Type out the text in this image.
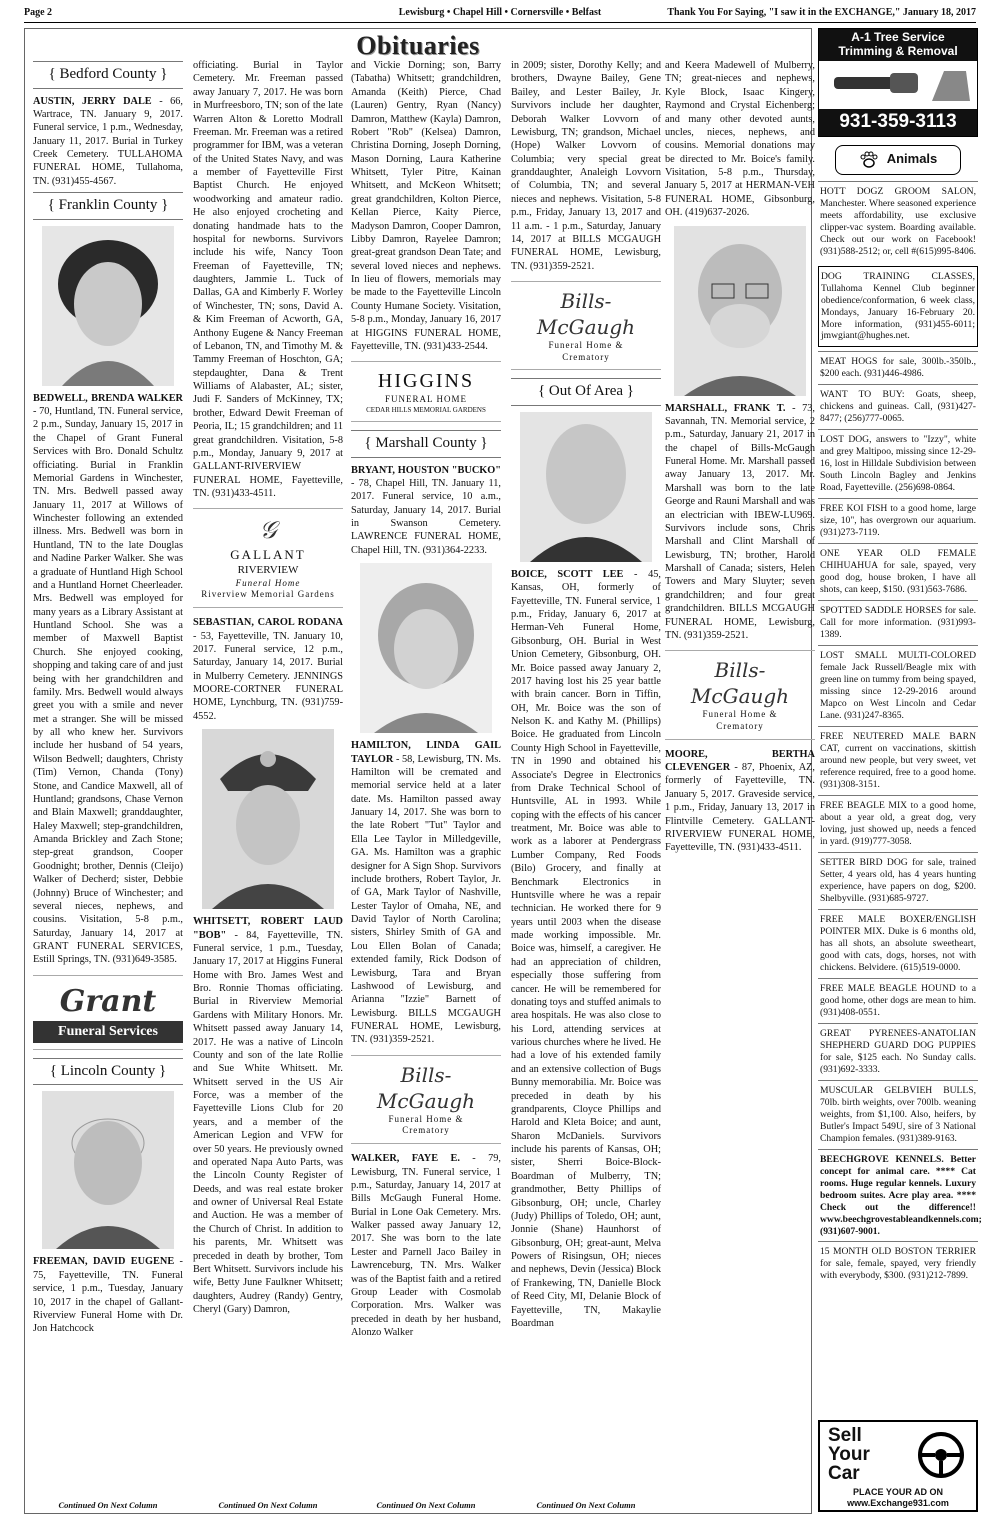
Page 2	Lewisburg • Chapel Hill • Cornersville • Belfast	Thank You For Saying, "I saw it in the EXCHANGE," January 18, 2017
Obituaries
{ Bedford County }

AUSTIN, JERRY DALE - 66, Wartrace, TN. January 9, 2017. Funeral service, 1 p.m., Wednesday, January 11, 2017. Burial in Turkey Creek Cemetery. TULLAHOMA FUNERAL HOME, Tullahoma, TN. (931)455-4567.

{ Franklin County }

BEDWELL, BRENDA WALKER - 70, Huntland, TN. Funeral service, 2 p.m., Sunday, January 15, 2017 in the Chapel of Grant Funeral Services with Bro. Donald Schultz officiating. Burial in Franklin Memorial Gardens in Winchester, TN. Mrs. Bedwell passed away January 11, 2017 at Willows of Winchester following an extended illness. Mrs. Bedwell was born in Huntland, TN to the late Douglas and Nadine Parker Walker. She was a graduate of Huntland High School and a Huntland Hornet Cheerleader. Mrs. Bedwell was employed for many years as a Library Assistant at Huntland School. She was a member of Maxwell Baptist Church. She enjoyed cooking, shopping and taking care of and just being with her grandchildren and family. Mrs. Bedwell would always greet you with a smile and never met a stranger. She will be missed by all who knew her. Survivors include her husband of 54 years, Wilson Bedwell; daughters, Christy (Tim) Vernon, Chanda (Tony) Stone, and Candice Maxwell, all of Huntland; grandsons, Chase Vernon and Blain Maxwell; granddaughter, Haley Maxwell; step-grandchildren, Amanda Brickley and Zach Stone; step-great grandson, Cooper Goodnight; brother, Dennis (Cleijo) Walker of Decherd; sister, Debbie (Johnny) Bruce of Winchester; and several nieces, nephews, and cousins. Visitation, 5-8 p.m., Saturday, January 14, 2017 at GRANT FUNERAL SERVICES, Estill Springs, TN. (931)649-3585.

Grant
Funeral Services
{ Lincoln County }

FREEMAN, DAVID EUGENE - 75, Fayetteville, TN. Funeral service, 1 p.m., Tuesday, January 10, 2017 in the chapel of Gallant-Riverview Funeral Home with Dr. Jon Hatchcock

Continued On Next Column

officiating. Burial in Taylor Cemetery. Mr. Freeman passed away January 7, 2017. He was born in Murfreesboro, TN; son of the late Warren Alton & Loretto Modrall Freeman. Mr. Freeman was a retired programmer for IBM, was a veteran of the United States Navy, and was a member of Fayetteville First Baptist Church. He enjoyed woodworking and amateur radio. He also enjoyed crocheting and donating handmade hats to the hospital for newborns. Survivors include his wife, Nancy Toon Freeman of Fayetteville, TN; daughters, Jammie L. Tuck of Dallas, GA and Kimberly F. Worley of Winchester, TN; sons, David A. & Kim Freeman of Acworth, GA, Anthony Eugene & Nancy Freeman of Lebanon, TN, and Timothy M. & Tammy Freeman of Hoschton, GA; stepdaughter, Dana & Trent Williams of Alabaster, AL; sister, Judi F. Sanders of McKinney, TX; brother, Edward Dewit Freeman of Peoria, IL; 15 grandchildren; and 11 great grandchildren. Visitation, 5-8 p.m., Monday, January 9, 2017 at GALLANT-RIVERVIEW FUNERAL HOME, Fayetteville, TN. (931)433-4511.

𝒢
GALLANT
RIVERVIEW
Funeral Home
Riverview Memorial Gardens

SEBASTIAN, CAROL RODANA - 53, Fayetteville, TN. January 10, 2017. Funeral service, 12 p.m., Saturday, January 14, 2017. Burial in Mulberry Cemetery. JENNINGS MOORE-CORTNER FUNERAL HOME, Lynchburg, TN. (931)759-4552.

WHITSETT, ROBERT LAUD "BOB" - 84, Fayetteville, TN. Funeral service, 1 p.m., Tuesday, January 17, 2017 at Higgins Funeral Home with Bro. James West and Bro. Ronnie Thomas officiating. Burial in Riverview Memorial Gardens with Military Honors. Mr. Whitsett passed away January 14, 2017. He was a native of Lincoln County and son of the late Rollie and Sue White Whitsett. Mr. Whitsett served in the US Air Force, was a member of the Fayetteville Lions Club for 20 years, and a member of the American Legion and VFW for over 50 years. He previously owned and operated Napa Auto Parts, was the Lincoln County Register of Deeds, and was real estate broker and owner of Universal Real Estate and Auction. He was a member of the Church of Christ. In addition to his parents, Mr. Whitsett was preceded in death by brother, Tom Bert Whitsett. Survivors include his wife, Betty June Faulkner Whitsett; daughters, Audrey (Randy) Gentry, Cheryl (Gary) Damron,

Continued On Next Column

and Vickie Dorning; son, Barry (Tabatha) Whitsett; grandchildren, Amanda (Keith) Pierce, Chad (Lauren) Gentry, Ryan (Nancy) Damron, Matthew (Kayla) Damron, Robert "Rob" (Kelsea) Damron, Christina Dorning, Joseph Dorning, Mason Dorning, Laura Katherine Whitsett, Tyler Pitre, Kainan Whitsett, and McKeon Whitsett; great grandchildren, Kolton Pierce, Kellan Pierce, Kaity Pierce, Madyson Damron, Cooper Damron, Libby Damron, Rayelee Damron; great-great grandson Dean Tate; and several loved nieces and nephews. In lieu of flowers, memorials may be made to the Fayetteville Lincoln County Humane Society. Visitation, 5-8 p.m., Monday, January 16, 2017 at HIGGINS FUNERAL HOME, Fayetteville, TN. (931)433-2544.

HIGGINS
FUNERAL HOME
CEDAR HILLS MEMORIAL GARDENS
{ Marshall County }

BRYANT, HOUSTON "BUCKO" - 78, Chapel Hill, TN. January 11, 2017. Funeral service, 10 a.m., Saturday, January 14, 2017. Burial in Swanson Cemetery. LAWRENCE FUNERAL HOME, Chapel Hill, TN. (931)364-2233.

HAMILTON, LINDA GAIL TAYLOR - 58, Lewisburg, TN. Ms. Hamilton will be cremated and memorial service held at a later date. Ms. Hamilton passed away January 14, 2017. She was born to the late Robert "Tut" Taylor and Ella Lee Taylor in Milledgeville, GA. Ms. Hamilton was a graphic designer for A Sign Shop. Survivors include brothers, Robert Taylor, Jr. of GA, Mark Taylor of Nashville, Lester Taylor of Omaha, NE, and David Taylor of North Carolina; sisters, Shirley Smith of GA and Lou Ellen Bolan of Canada; extended family, Rick Dodson of Lewisburg, Tara and Bryan Lashwood of Lewisburg, and Arianna "Izzie" Barnett of Lewisburg. BILLS MCGAUGH FUNERAL HOME, Lewisburg, TN. (931)359-2521.

Bills-
McGaugh
Funeral Home &
Crematory

WALKER, FAYE E. - 79, Lewisburg, TN. Funeral service, 1 p.m., Saturday, January 14, 2017 at Bills McGaugh Funeral Home. Burial in Lone Oak Cemetery. Mrs. Walker passed away January 12, 2017. She was born to the late Lester and Parnell Jaco Bailey in Lawrenceburg, TN. Mrs. Walker was of the Baptist faith and a retired Group Leader with Cosmolab Corporation. Mrs. Walker was preceded in death by her husband, Alonzo Walker

Continued On Next Column

in 2009; sister, Dorothy Kelly; and brothers, Dwayne Bailey, Gene Bailey, and Lester Bailey, Jr. Survivors include her daughter, Deborah Walker Lovvorn of Lewisburg, TN; grandson, Michael (Hope) Walker Lovvorn of Columbia; very special great granddaughter, Analeigh Lovvorn of Columbia, TN; and several nieces and nephews. Visitation, 5-8 p.m., Friday, January 13, 2017 and 11 a.m. - 1 p.m., Saturday, January 14, 2017 at BILLS MCGAUGH FUNERAL HOME, Lewisburg, TN. (931)359-2521.

Bills-
McGaugh
Funeral Home &
Crematory
{ Out Of Area }

BOICE, SCOTT LEE - 45, Kansas, OH, formerly of Fayetteville, TN. Funeral service, 1 p.m., Friday, January 6, 2017 at Herman-Veh Funeral Home, Gibsonburg, OH. Burial in West Union Cemetery, Gibsonburg, OH. Mr. Boice passed away January 2, 2017 having lost his 25 year battle with brain cancer. Born in Tiffin, OH, Mr. Boice was the son of Nelson K. and Kathy M. (Phillips) Boice. He graduated from Lincoln County High School in Fayetteville, TN in 1990 and obtained his Associate's Degree in Electronics from Drake Technical School of Huntsville, AL in 1993. While coping with the effects of his cancer treatment, Mr. Boice was able to work as a laborer at Pendergrass Lumber Company, Red Foods (Bilo) Grocery, and finally at Benchmark Electronics in Huntsville where he was a repair technician. He worked there for 9 years until 2003 when the disease made working impossible. Mr. Boice was, himself, a caregiver. He had an appreciation of children, especially those suffering from cancer. He will be remembered for donating toys and stuffed animals to area hospitals. He was also close to his Lord, attending services at various churches where he lived. He had a love of his extended family and an extensive collection of Bugs Bunny memorabilia. Mr. Boice was preceded in death by his grandparents, Cloyce Phillips and Harold and Kleta Boice; and aunt, Sharon McDaniels. Survivors include his parents of Kansas, OH; sister, Sherri Boice-Block-Boardman of Mulberry, TN; grandmother, Betty Phillips of Gibsonburg, OH; uncle, Charley (Judy) Phillips of Toledo, OH; aunt, Jonnie (Shane) Haunhorst of Gibsonburg, OH; great-aunt, Melva Powers of Risingsun, OH; nieces and nephews, Devin (Jessica) Block of Frankewing, TN, Danielle Block of Reed City, MI, Delanie Block of Fayetteville, TN, Makaylie Boardman

Continued On Next Column

and Keera Madewell of Mulberry, TN; great-nieces and nephews, Kyle Block, Isaac Kingery, Raymond and Crystal Eichenberg; and many other devoted aunts, uncles, nieces, nephews, and cousins. Memorial donations may be directed to Mr. Boice's family. Visitation, 5-8 p.m., Thursday, January 5, 2017 at HERMAN-VEH FUNERAL HOME, Gibsonburg, OH. (419)637-2026.

MARSHALL, FRANK T. - 73, Savannah, TN. Memorial service, 2 p.m., Saturday, January 21, 2017 in the chapel of Bills-McGaugh Funeral Home. Mr. Marshall passed away January 13, 2017. Mr. Marshall was born to the late George and Rauni Marshall and was an electrician with IBEW-LU969. Survivors include sons, Chris Marshall and Clint Marshall of Lewisburg, TN; brother, Harold Marshall of Canada; sisters, Helen Towers and Mary Sluyter; seven grandchildren; and four great grandchildren. BILLS MCGAUGH FUNERAL HOME, Lewisburg, TN. (931)359-2521.

Bills-
McGaugh
Funeral Home &
Crematory

MOORE, BERTHA CLEVENGER - 87, Phoenix, AZ, formerly of Fayetteville, TN. January 5, 2017. Graveside service, 1 p.m., Friday, January 13, 2017 in Flintville Cemetery. GALLANT-RIVERVIEW FUNERAL HOME, Fayetteville, TN. (931)433-4511.

A-1 Tree Service
Trimming & Removal
931-359-3113
Animals
HOTT DOGZ GROOM SALON, Manchester. Where seasoned experience meets affordability, use exclusive clipper-vac system. Boarding available. Check out our work on Facebook! (931)588-2512; or, cell #(615)995-8406.
DOG TRAINING CLASSES, Tullahoma Kennel Club beginner obedience/conformation, 6 week class, Mondays, January 16-February 20. More information, (931)455-6011; jmwgiant@hughes.net.
MEAT HOGS for sale, 300lb.-350lb., $200 each. (931)446-4986.
WANT TO BUY: Goats, sheep, chickens and guineas. Call, (931)427-8477; (256)777-0065.
LOST DOG, answers to "Izzy", white and grey Maltipoo, missing since 12-29-16, lost in Hilldale Subdivision between South Lincoln Bagley and Jenkins Road, Fayetteville. (256)698-0864.
FREE KOI FISH to a good home, large size, 10", has overgrown our aquarium. (931)273-7119.
ONE YEAR OLD FEMALE CHIHUAHUA for sale, spayed, very good dog, house broken, I have all shots, can keep, $150. (931)563-7686.
SPOTTED SADDLE HORSES for sale. Call for more information. (931)993-1389.
LOST SMALL MULTI-COLORED female Jack Russell/Beagle mix with green line on tummy from being spayed, missing since 12-29-2016 around Mapco on West Lincoln and Cedar Lane. (931)247-8365.
FREE NEUTERED MALE BARN CAT, current on vaccinations, skittish around new people, but very sweet, vet reference required, free to a good home. (931)308-3151.
FREE BEAGLE MIX to a good home, about a year old, a great dog, very loving, just showed up, needs a fenced in yard. (919)777-3058.
SETTER BIRD DOG for sale, trained Setter, 4 years old, has 4 years hunting experience, have papers on dog, $200. Shelbyville. (931)685-9727.
FREE MALE BOXER/ENGLISH POINTER MIX. Duke is 6 months old, has all shots, an absolute sweetheart, good with cats, dogs, horses, not with chickens. Belvidere. (615)519-0000.
FREE MALE BEAGLE HOUND to a good home, other dogs are mean to him. (931)408-0551.
GREAT PYRENEES-ANATOLIAN SHEPHERD GUARD DOG PUPPIES for sale, $125 each. No Sunday calls. (931)692-3333.
MUSCULAR GELBVIEH BULLS, 70lb. birth weights, over 700lb. weaning weights, from $1,100. Also, heifers, by Butler's Impact 549U, sire of 3 National Champion females. (931)389-9163.
BEECHGROVE KENNELS. Better concept for animal care. **** Cat rooms. Huge regular kennels. Luxury bedroom suites. Acre play area. **** Check out the difference!! www.beechgrovestableandkennels.com; (931)607-9001.
15 MONTH OLD BOSTON TERRIER for sale, female, spayed, very friendly with everybody, $300. (931)212-7899.
Sell
Your
Car
PLACE YOUR AD ON
www.Exchange931.com
